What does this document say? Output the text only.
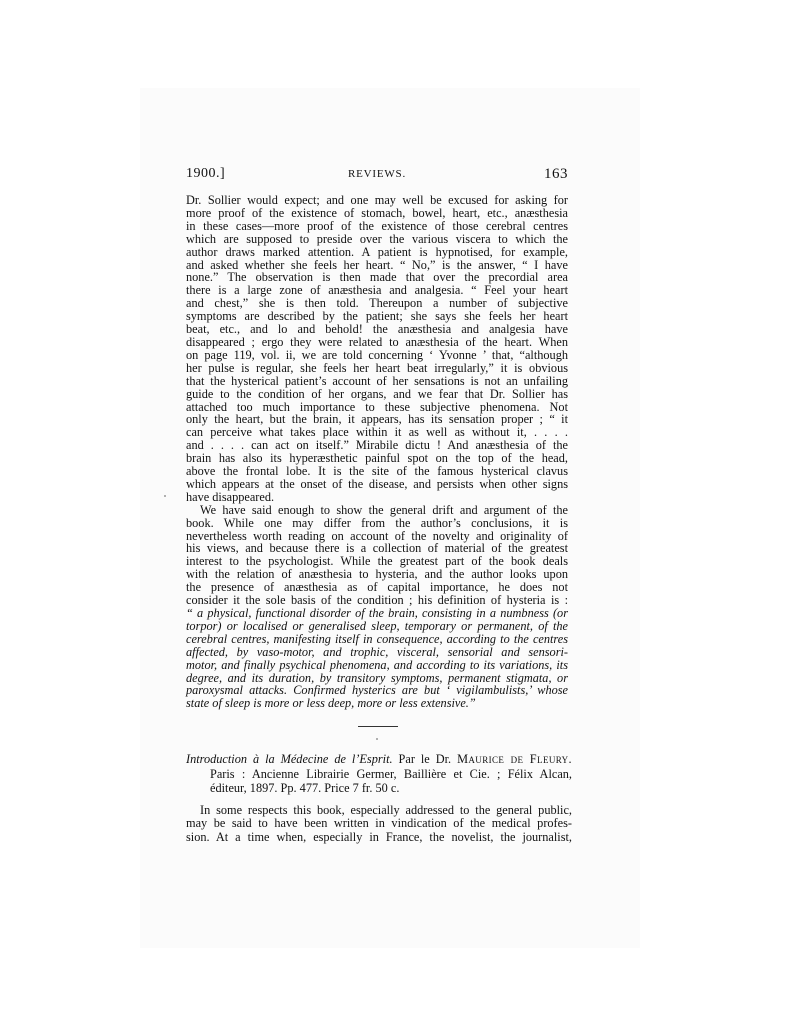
1900.]	REVIEWS.	163
Dr. Sollier would expect; and one may well be excused for asking for
more proof of the existence of stomach, bowel, heart, etc., anæsthesia
in these cases—more proof of the existence of those cerebral centres
which are supposed to preside over the various viscera to which the
author draws marked attention. A patient is hypnotised, for example,
and asked whether she feels her heart. “ No,” is the answer, “ I have
none.” The observation is then made that over the precordial area
there is a large zone of anæsthesia and analgesia. “ Feel your heart
and chest,” she is then told. Thereupon a number of subjective
symptoms are described by the patient; she says she feels her heart
beat, etc., and lo and behold! the anæsthesia and analgesia have
disappeared ; ergo they were related to anæsthesia of the heart. When
on page 119, vol. ii, we are told concerning ‘ Yvonne ’ that, “although
her pulse is regular, she feels her heart beat irregularly,” it is obvious
that the hysterical patient’s account of her sensations is not an unfailing
guide to the condition of her organs, and we fear that Dr. Sollier has
attached too much importance to these subjective phenomena. Not
only the heart, but the brain, it appears, has its sensation proper ; “ it
can perceive what takes place within it as well as without it, . . . .
and . . . . can act on itself.” Mirabile dictu ! And anæsthesia of the
brain has also its hyperæsthetic painful spot on the top of the head,
above the frontal lobe. It is the site of the famous hysterical clavus
which appears at the onset of the disease, and persists when other signs
have disappeared.
We have said enough to show the general drift and argument of the
book. While one may differ from the author’s conclusions, it is
nevertheless worth reading on account of the novelty and originality of
his views, and because there is a collection of material of the greatest
interest to the psychologist. While the greatest part of the book deals
with the relation of anæsthesia to hysteria, and the author looks upon
the presence of anæsthesia as of capital importance, he does not
consider it the sole basis of the condition ; his definition of hysteria is :
“ a physical, functional disorder of the brain, consisting in a numbness (or
torpor) or localised or generalised sleep, temporary or permanent, of the
cerebral centres, manifesting itself in consequence, according to the centres
affected, by vaso-motor, and trophic, visceral, sensorial and sensori-
motor, and finally psychical phenomena, and according to its variations, its
degree, and its duration, by transitory symptoms, permanent stigmata, or
paroxysmal attacks. Confirmed hysterics are but ‘ vigilambulists,’ whose
state of sleep is more or less deep, more or less extensive.”
Introduction à la Médecine de l’Esprit. Par le Dr. Maurice de Fleury.
Paris : Ancienne Librairie Germer, Baillière et Cie. ; Félix Alcan,
éditeur, 1897. Pp. 477. Price 7 fr. 50 c.
In some respects this book, especially addressed to the general public,
may be said to have been written in vindication of the medical profes-
sion. At a time when, especially in France, the novelist, the journalist,
